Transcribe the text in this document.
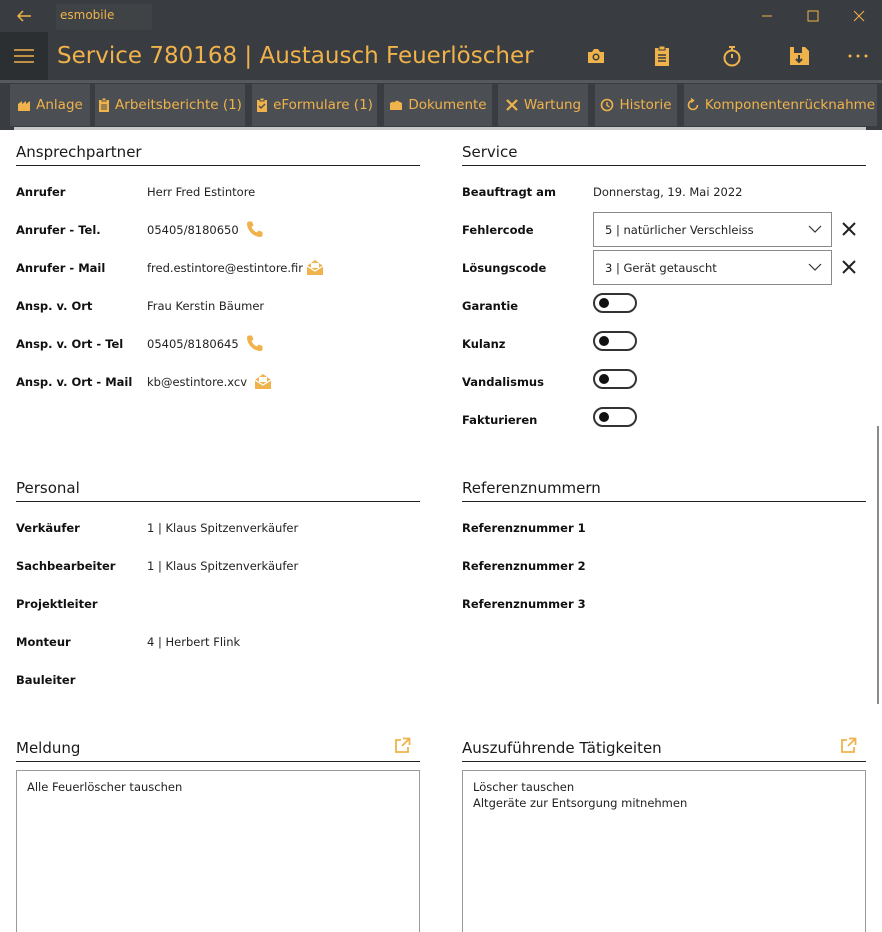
esmobile
Service 780168 | Austausch Feuerlöscher
Anlage Arbeitsberichte (1) eFormulare (1)	Dokumente	Wartung	Historie Komponentenrücknahme
Ansprechpartner
Anrufer	Herr Fred Estintore
Anrufer - Tel.	05405/8180650
Anrufer - Mail	fred.estintore@estintore.fir
Ansp. v. Ort	Frau Kerstin Bäumer
Ansp. v. Ort - Tel 05405/8180645
Ansp. v. Ort - Mail kb@estintore.xcv
Service
Beauftragt am	Donnerstag, 19. Mai 2022
Fehlercode	5 | natürlicher Verschleiss
Lösungscode	3 | Gerät getauscht
Garantie
Kulanz
Vandalismus
Fakturieren
Personal
Verkäufer	1 | Klaus Spitzenverkäufer
Sachbearbeiter	1 | Klaus Spitzenverkäufer
Projektleiter
Monteur	4 | Herbert Flink
Bauleiter
Referenznummern
Referenznummer 1
Referenznummer 2
Referenznummer 3
Meldung
Alle Feuerlöscher tauschen
Auszuführende Tätigkeiten
Löscher tauschen
Altgeräte zur Entsorgung mitnehmen
